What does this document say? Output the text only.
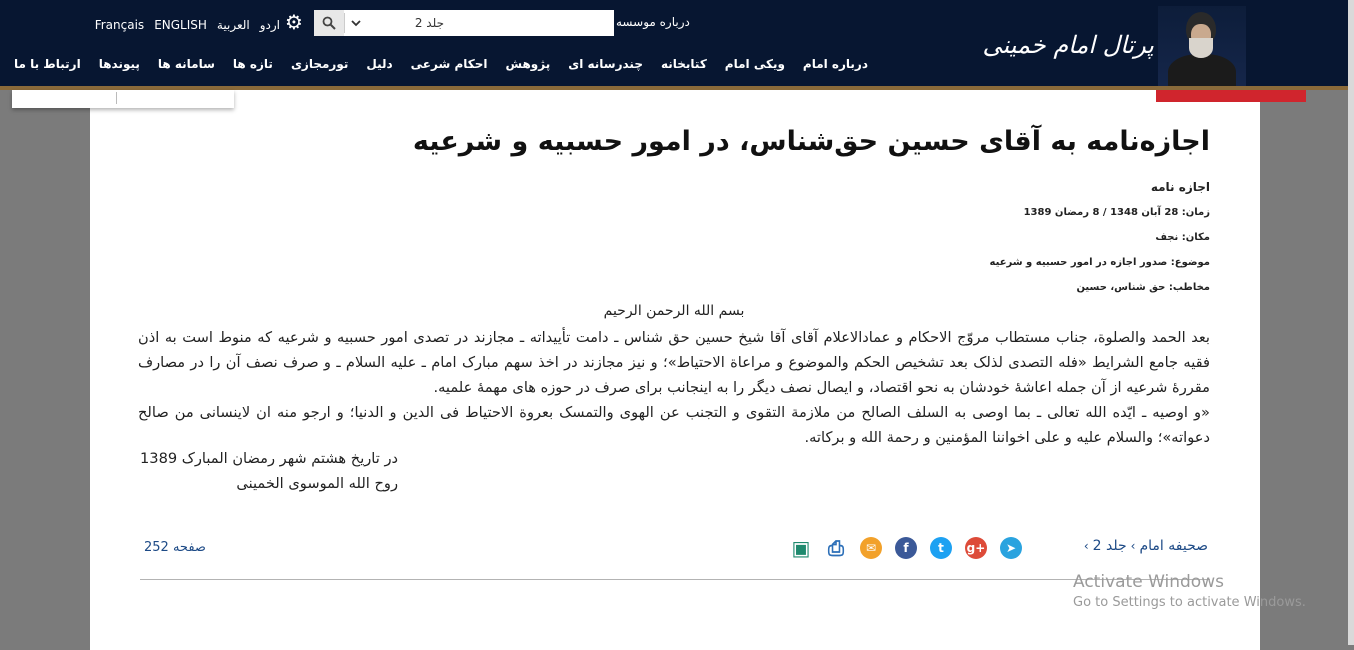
پرتال امام خمینی
درباره امام
ویکی امام
کتابخانه
چندرسانه ای
پژوهش
احکام شرعی
دلیل
تورمجازی
تازه ها
سامانه ها
پیوندها
ارتباط با ما
درباره موسسه
جلد 2
⚙
اردو
العربية
ENGLISH
Français
اجازه‌نامه به آقای حسین حق‌شناس، در امور حسبیه و شرعیه
اجازه نامه
زمان: 28 آبان 1348 / 8 رمضان 1389
مکان: نجف
موضوع: صدور اجازه در امور حسبیه و شرعیه
مخاطب: حق شناس، حسین
بسم الله الرحمن الرحیم
بعد الحمد والصلوة، جناب مستطاب مروّج الاحکام و عمادالاعلام آقای آقا شیخ حسین حق شناس ـ دامت تأییداته ـ مجازند در تصدی امور حسبیه و شرعیه که منوط است به اذن فقیه جامع الشرایط «فله التصدی لذلک بعد تشخیص الحکم والموضوع و مراعاة الاحتیاط»؛ و نیز مجازند در اخذ سهم مبارک امام ـ علیه السلام ـ و صرف نصف آن را در مصارف مقررۀ شرعیه از آن جمله اعاشۀ خودشان به نحو اقتصاد، و ایصال نصف دیگر را به اینجانب برای صرف در حوزه های مهمۀ علمیه.
«و اوصیه ـ ایّده الله تعالی ـ بما اوصی به السلف الصالح من ملازمة التقوی و التجنب عن الهوی والتمسک بعروة الاحتیاط فی الدین و الدنیا؛ و ارجو منه ان لاینسانی من صالح دعواته»؛ والسلام علیه و علی اخواننا المؤمنین و رحمة الله و برکاته.
در تاریخ هشتم شهر رمضان المبارک 1389
روح الله الموسوی الخمینی
صحیفه امام›جلد 2›
▣ ⎙	✉	f	t	g+	➤
صفحه 252
Activate Windows
Go to Settings to activate Windows.
